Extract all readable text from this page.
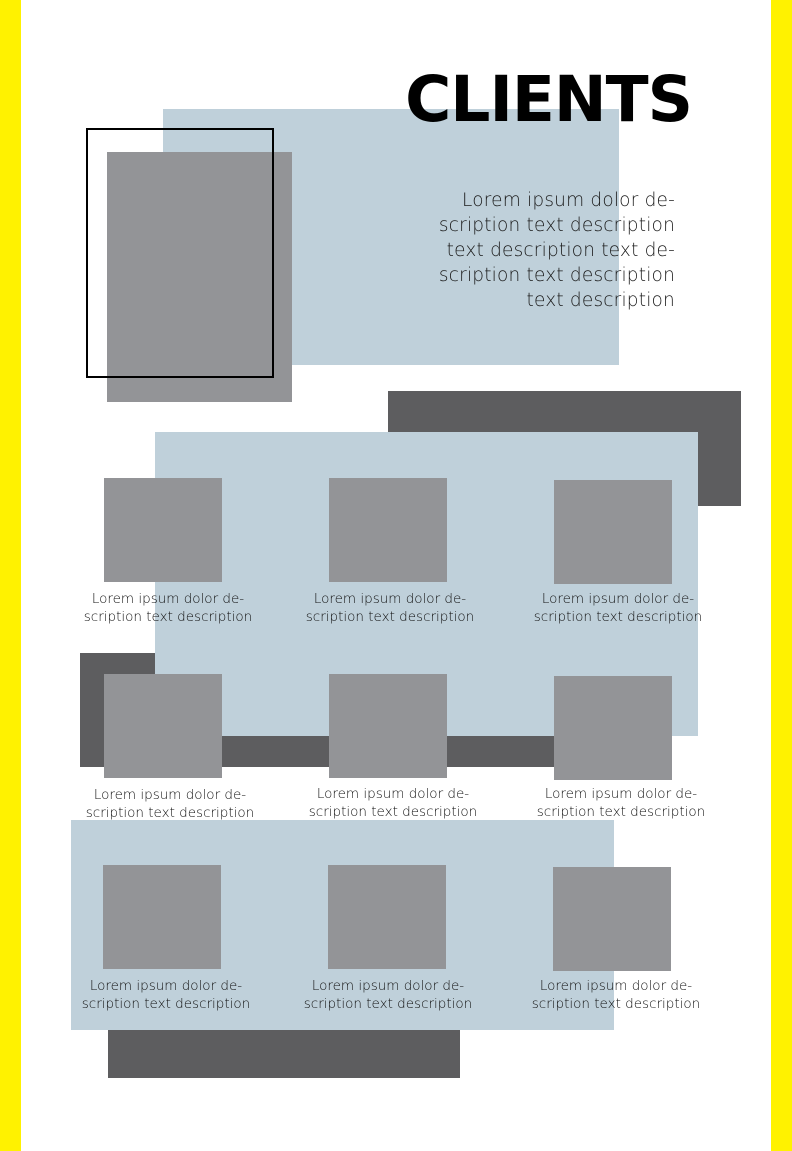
CLIENTS
Lorem ipsum dolor de-
scription text description
text description text de-
scription text description
text description
Lorem ipsum dolor de-
scription text description
Lorem ipsum dolor de-
scription text description
Lorem ipsum dolor de-
scription text description
Lorem ipsum dolor de-
scription text description
Lorem ipsum dolor de-
scription text description
Lorem ipsum dolor de-
scription text description
Lorem ipsum dolor de-
scription text description
Lorem ipsum dolor de-
scription text description
Lorem ipsum dolor de-
scription text description
